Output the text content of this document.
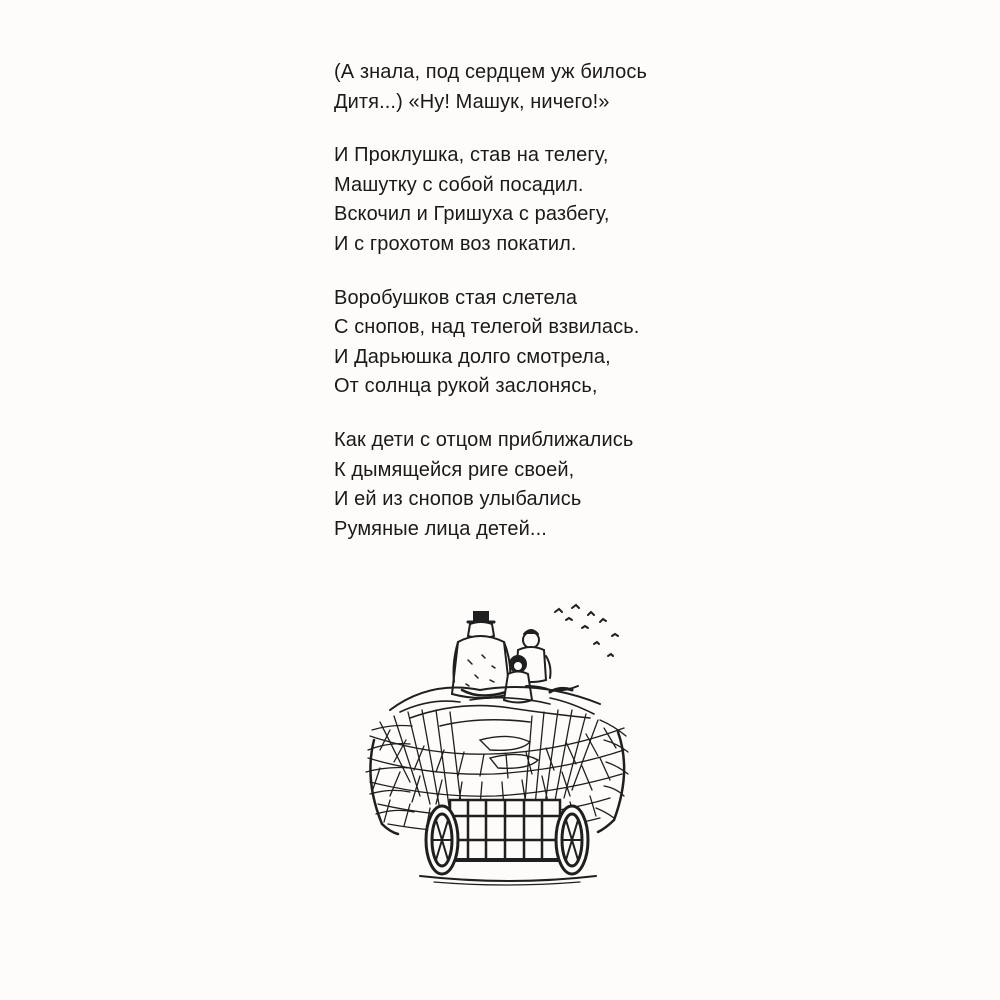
(А знала, под сердцем уж билось
Дитя...) «Ну! Машук, ничего!»
И Проклушка, став на телегу,
Машутку с собой посадил.
Вскочил и Гришуха с разбегу,
И с грохотом воз покатил.
Воробушков стая слетела
С снопов, над телегой взвилась.
И Дарьюшка долго смотрела,
От солнца рукой заслонясь,
Как дети с отцом приближались
К дымящейся риге своей,
И ей из снопов улыбались
Румяные лица детей...
